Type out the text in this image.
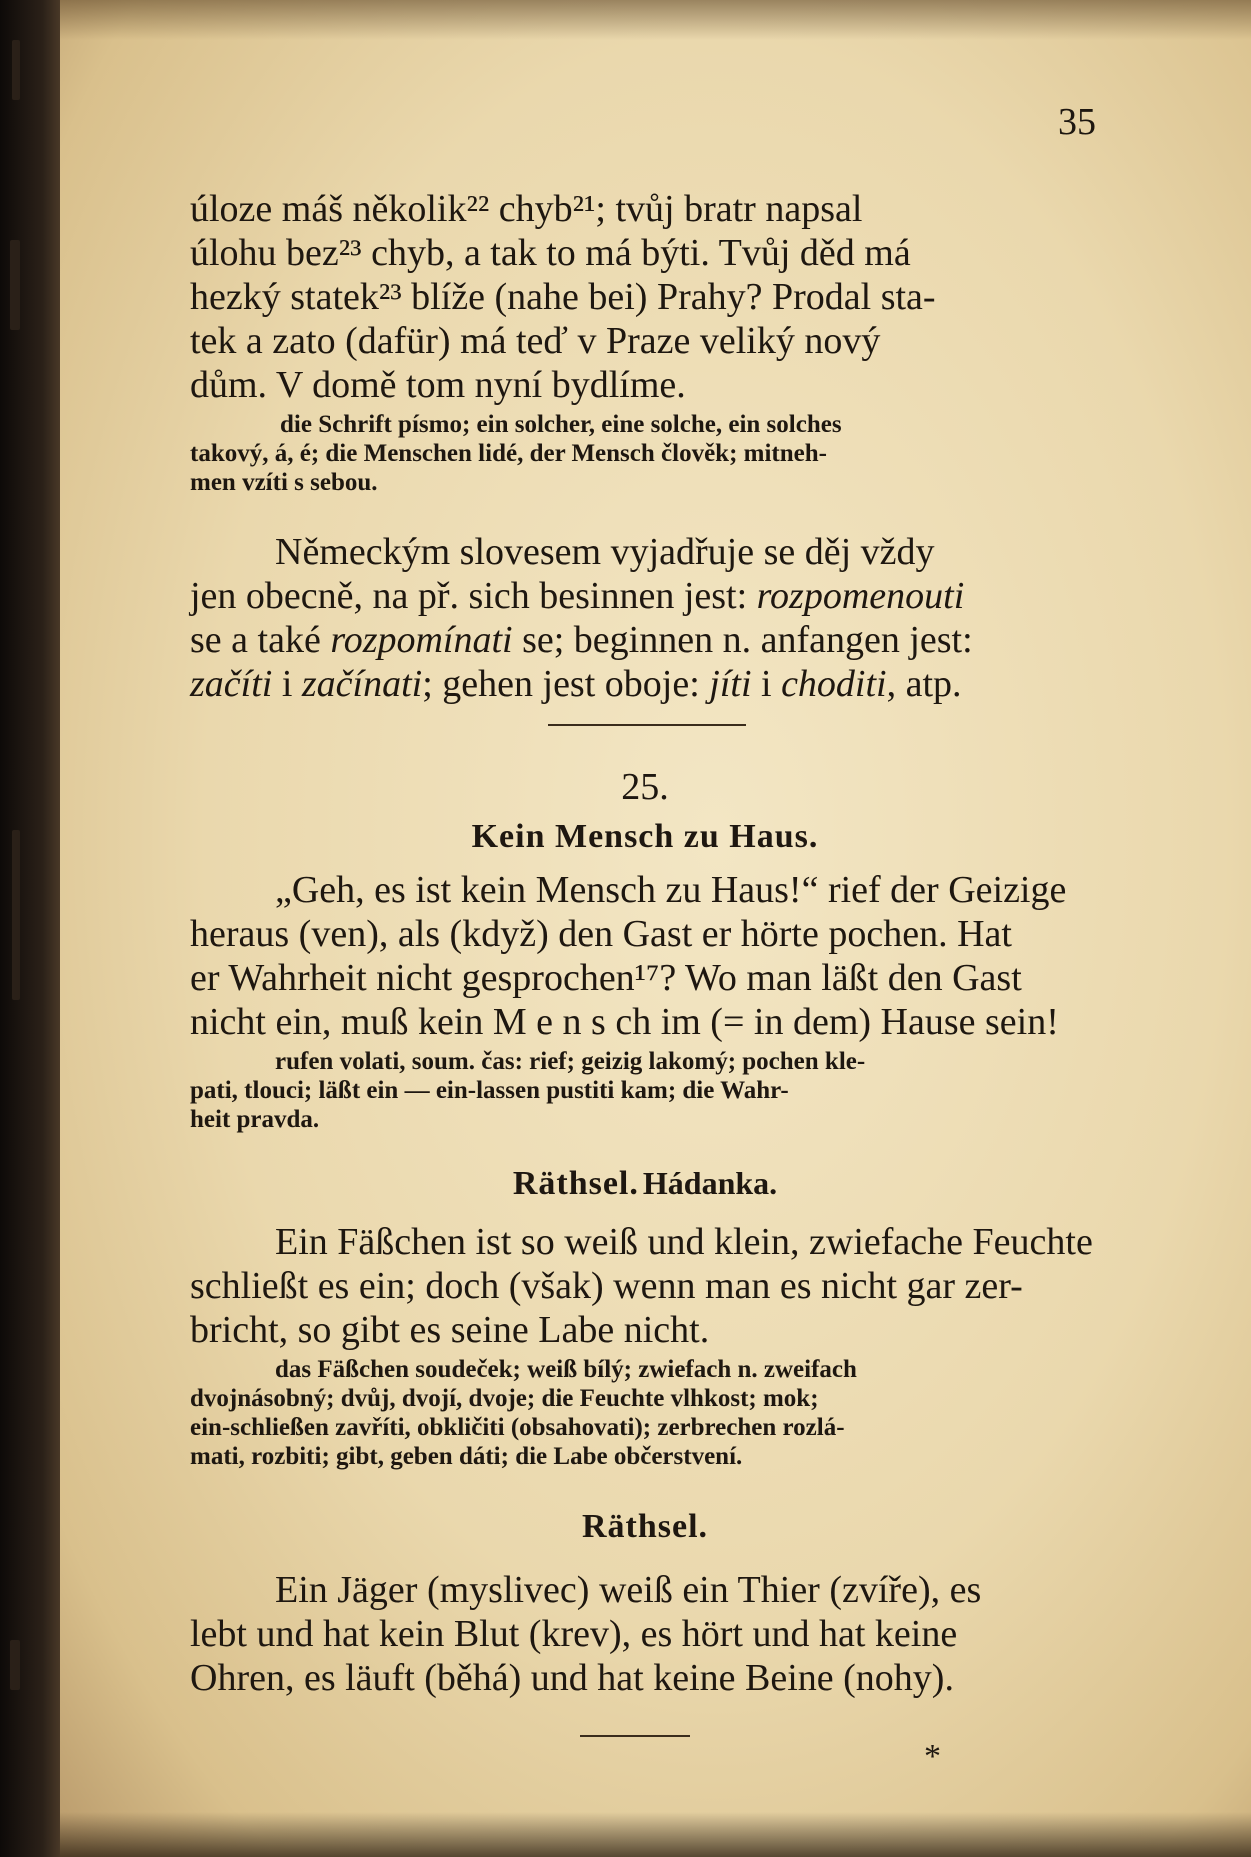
35

úloze máš několik²² chyb²¹; tvůj bratr napsal
úlohu bez²³ chyb, a tak to má býti. Tvůj děd má
hezký statek²³ blíže (nahe bei) Prahy? Prodal sta-
tek a zato (dafür) má teď v Praze veliký nový
dům. V domě tom nyní bydlíme.

die Schrift písmo; ein solcher, eine solche, ein solches
takový, á, é; die Menschen lidé, der Mensch člověk; mitneh-
men vzíti s sebou.

Německým slovesem vyjadřuje se děj vždy
jen obecně, na př. sich besinnen jest: rozpomenouti
se a také rozpomínati se; beginnen n. anfangen jest:
začíti i začínati; gehen jest oboje: jíti i choditi, atp.

25.
Kein Mensch zu Haus.

„Geh, es ist kein Mensch zu Haus!“ rief der Geizige
heraus (ven), als (když) den Gast er hörte pochen. Hat
er Wahrheit nicht gesprochen¹⁷? Wo man läßt den Gast
nicht ein, muß kein M e n s ch im (= in dem) Hause sein!

rufen volati, soum. čas: rief; geizig lakomý; pochen kle-
pati, tlouci; läßt ein — ein-lassen pustiti kam; die Wahr-
heit pravda.

Räthsel. Hádanka.

Ein Fäßchen ist so weiß und klein, zwiefache Feuchte
schließt es ein; doch (však) wenn man es nicht gar zer-
bricht, so gibt es seine Labe nicht.

das Fäßchen soudeček; weiß bílý; zwiefach n. zweifach
dvojnásobný; dvůj, dvojí, dvoje; die Feuchte vlhkost; mok;
ein-schließen zavříti, obkličiti (obsahovati); zerbrechen rozlá-
mati, rozbiti; gibt, geben dáti; die Labe občerstvení.

Räthsel.

Ein Jäger (myslivec) weiß ein Thier (zvíře), es
lebt und hat kein Blut (krev), es hört und hat keine
Ohren, es läuft (běhá) und hat keine Beine (nohy).

*
